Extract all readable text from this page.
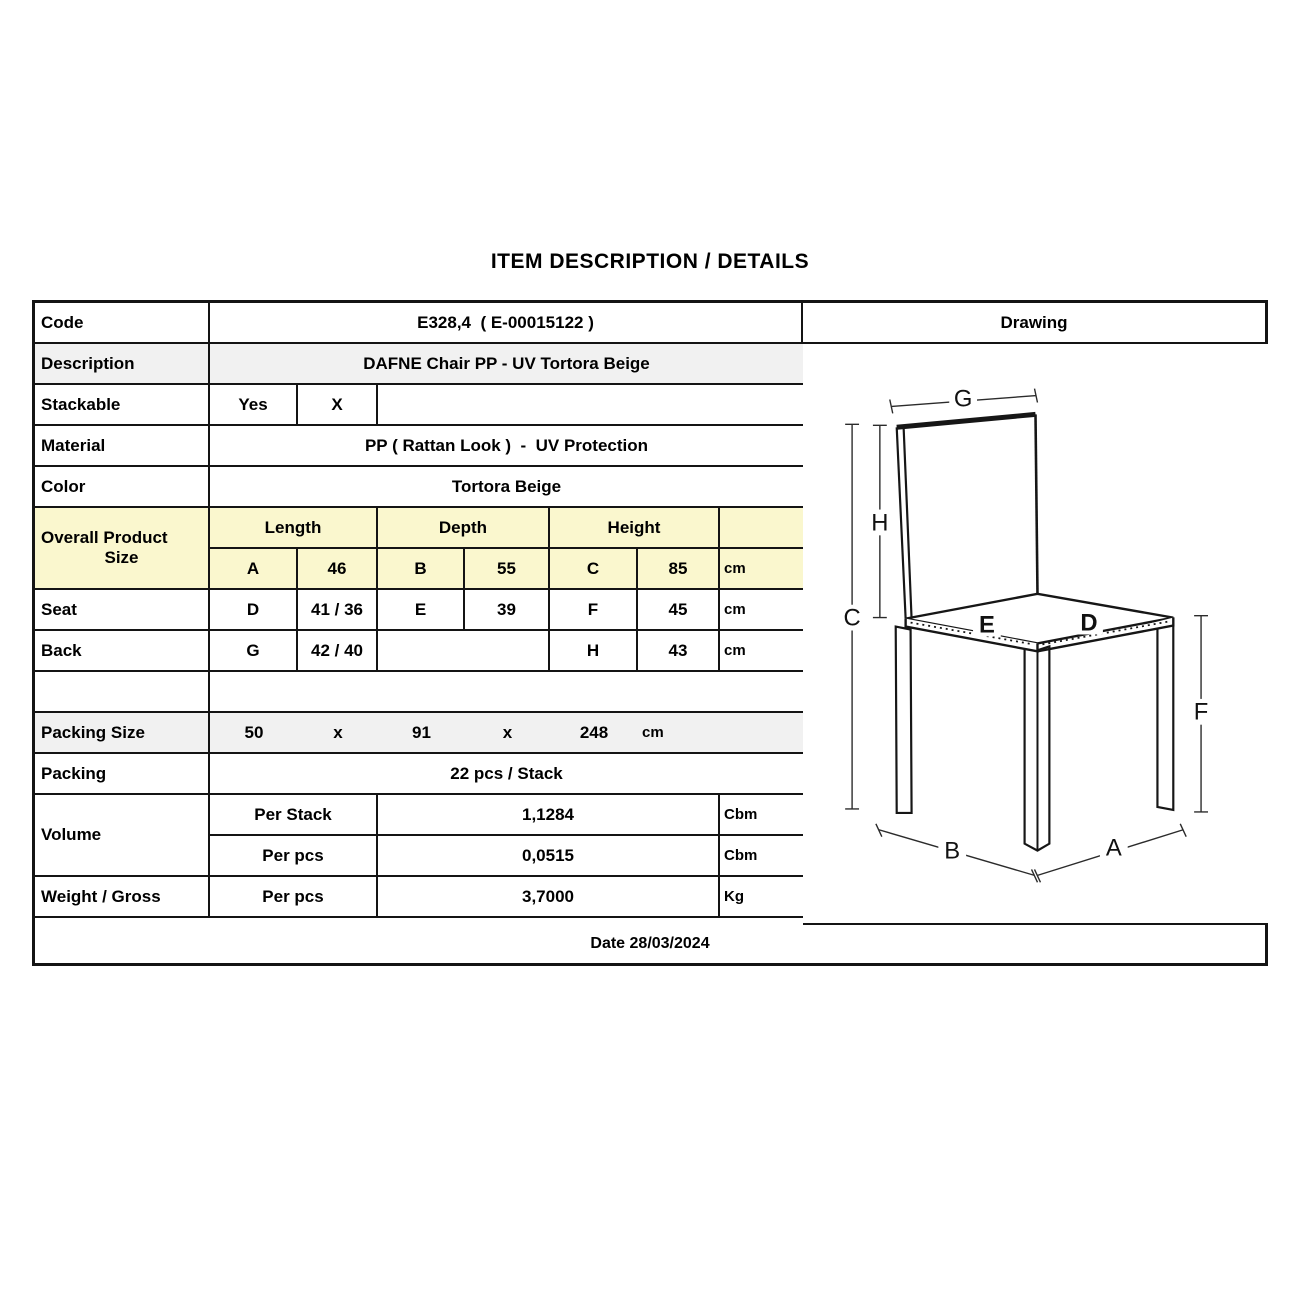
ITEM DESCRIPTION / DETAILS
Code	E328,4  ( E-00015122 )	Drawing
Description	DAFNE Chair PP - UV Tortora Beige
Stackable	Yes	X
Material	PP ( Rattan Look )  -  UV Protection
Color	Tortora Beige
Overall Product
Size
Length	Depth	Height
A	46	B	55	C	85	cm
Seat	D	41 / 36	E	39	F	45	cm
Back	G	42 / 40	H	43	cm
Packing Size	50	x	91	x	248	cm
Packing	22 pcs / Stack
Volume
Per Stack	1,1284	Cbm
Per pcs	0,0515	Cbm
Weight / Gross	Per pcs	3,7000	Kg
G
H
C
F
B	A
E	D
Date 28/03/2024
